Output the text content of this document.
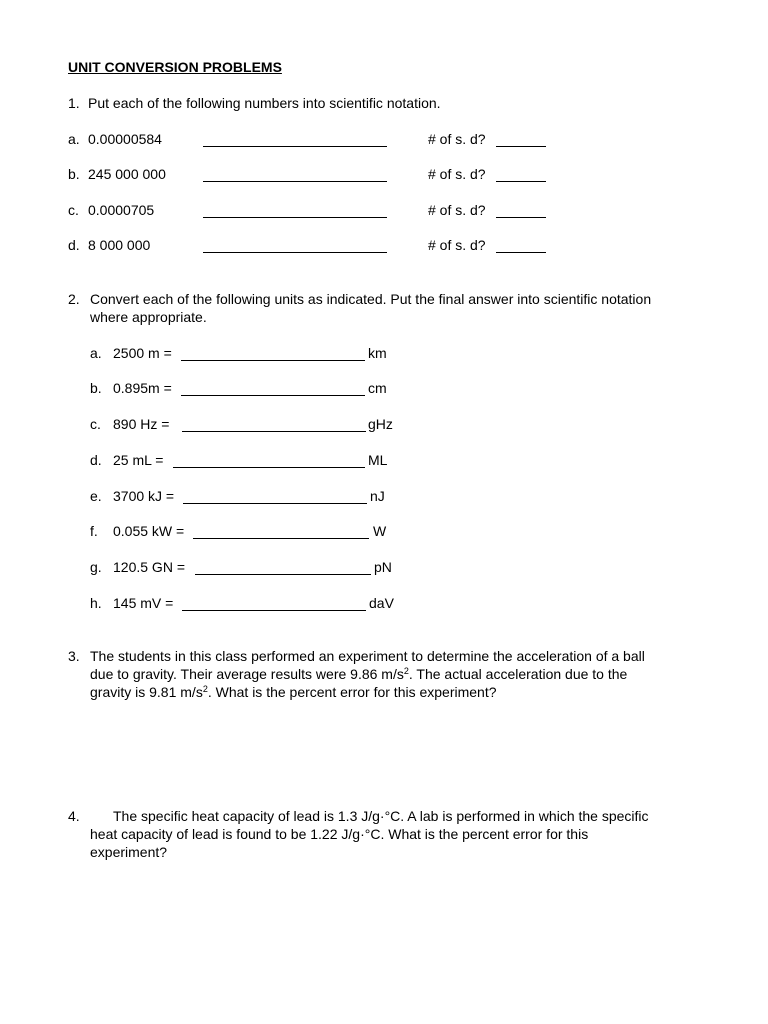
UNIT CONVERSION PROBLEMS
1. Put each of the following numbers into scientific notation.
a. 0.00000584	# of s. d?
b. 245 000 000	# of s. d?
c. 0.0000705	# of s. d?
d. 8 000 000	# of s. d?
2. Convert each of the following units as indicated. Put the final answer into scientific notation
where appropriate.
a. 2500 m =	km
b. 0.895m =	cm
c. 890 Hz =	gHz
d. 25 mL =	ML
e. 3700 kJ =	nJ
f. 0.055 kW =	W
g. 120.5 GN =	pN
h. 145 mV =	daV
3. The students in this class performed an experiment to determine the acceleration of a ball
due to gravity. Their average results were 9.86 $m/s^2$. The actual acceleration due to the
gravity is 9.81 $m/s^2$. What is the percent error for this experiment?
4. The specific heat capacity of lead is 1.3 J/g·°C. A lab is performed in which the specific
heat capacity of lead is found to be 1.22 J/g·°C. What is the percent error for this
experiment?
